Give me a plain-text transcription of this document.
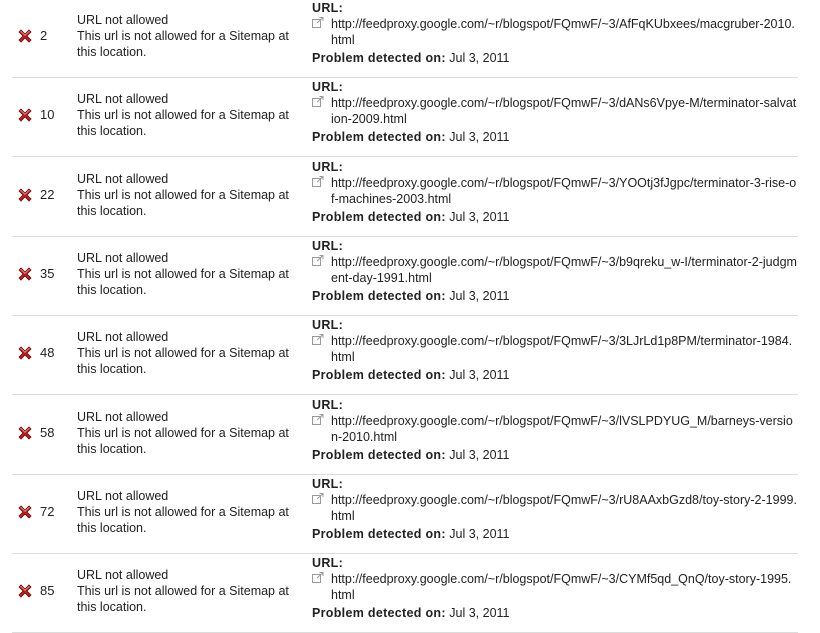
2
URL not allowed
This url is not allowed for a Sitemap at this location.
URL:
http://feedproxy.google.com/~r/blogspot/FQmwF/~3/AfFqKUbxees/macgruber-2010.html
Problem detected on: Jul 3, 2011
10
URL not allowed
This url is not allowed for a Sitemap at this location.
URL:
http://feedproxy.google.com/~r/blogspot/FQmwF/~3/dANs6Vpye-M/terminator-salvation-2009.html
Problem detected on: Jul 3, 2011
22
URL not allowed
This url is not allowed for a Sitemap at this location.
URL:
http://feedproxy.google.com/~r/blogspot/FQmwF/~3/YOOtj3fJgpc/terminator-3-rise-of-machines-2003.html
Problem detected on: Jul 3, 2011
35
URL not allowed
This url is not allowed for a Sitemap at this location.
URL:
http://feedproxy.google.com/~r/blogspot/FQmwF/~3/b9qreku_w-I/terminator-2-judgment-day-1991.html
Problem detected on: Jul 3, 2011
48
URL not allowed
This url is not allowed for a Sitemap at this location.
URL:
http://feedproxy.google.com/~r/blogspot/FQmwF/~3/3LJrLd1p8PM/terminator-1984.html
Problem detected on: Jul 3, 2011
58
URL not allowed
This url is not allowed for a Sitemap at this location.
URL:
http://feedproxy.google.com/~r/blogspot/FQmwF/~3/lVSLPDYUG_M/barneys-version-2010.html
Problem detected on: Jul 3, 2011
72
URL not allowed
This url is not allowed for a Sitemap at this location.
URL:
http://feedproxy.google.com/~r/blogspot/FQmwF/~3/rU8AAxbGzd8/toy-story-2-1999.html
Problem detected on: Jul 3, 2011
85
URL not allowed
This url is not allowed for a Sitemap at this location.
URL:
http://feedproxy.google.com/~r/blogspot/FQmwF/~3/CYMf5qd_QnQ/toy-story-1995.html
Problem detected on: Jul 3, 2011
